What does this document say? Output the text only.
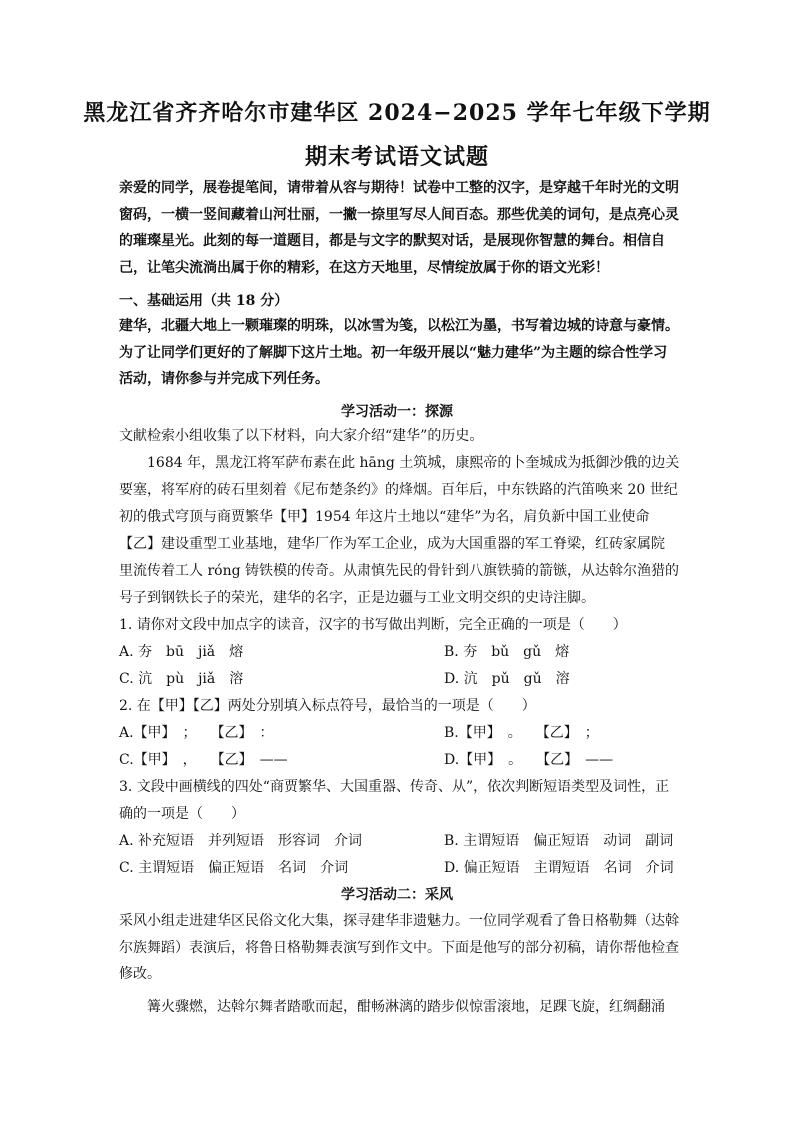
黑龙江省齐齐哈尔市建华区 2024−2025 学年七年级下学期
期末考试语文试题
亲爱的同学，展卷提笔间，请带着从容与期待！试卷中工整的汉字，是穿越千年时光的文明窗码，一横一竖间藏着山河壮丽，一撇一捺里写尽人间百态。那些优美的词句，是点亮心灵的璀璨星光。此刻的每一道题目，都是与文字的默契对话，是展现你智慧的舞台。相信自己，让笔尖流淌出属于你的精彩，在这方天地里，尽情绽放属于你的语文光彩！
一、基础运用（共 18 分）
建华，北疆大地上一颗璀璨的明珠，以冰雪为笺，以松江为墨，书写着边城的诗意与豪情。为了让同学们更好的了解脚下这片土地。初一年级开展以“魅力建华”为主题的综合性学习活动，请你参与并完成下列任务。
学习活动一：探源
文献检索小组收集了以下材料，向大家介绍“建华”的历史。
1684 年，黑龙江将军萨布素在此 hāng 土筑城，康熙帝的卜奎城成为抵御沙俄的边关
要塞，将军府的砖石里刻着《尼布楚条约》的烽烟。百年后，中东铁路的汽笛唤来 20 世纪
初的俄式穹顶与商贾繁华【甲】1954 年这片土地以“建华”为名，肩负新中国工业使命
【乙】建设重型工业基地，建华厂作为军工企业，成为大国重器的军工脊梁，红砖家属院
里流传着工人 róng 铸铁模的传奇。从肃慎先民的骨针到八旗铁骑的箭镞，从达斡尔渔猎的
号子到钢铁长子的荣光，建华的名字，正是边疆与工业文明交织的史诗注脚。
1. 请你对文段中加点字的读音，汉字的书写做出判断，完全正确的一项是（　　）
A. 夯　bū　jiǎ　熔	B. 夯　bǔ　gǔ　熔
C. 沆　pù　jiǎ　溶	D. 沆　pǔ　gǔ　溶
2. 在【甲】【乙】两处分别填入标点符号，最恰当的一项是（　　）
A.【甲】　；　　【乙】　：	B.【甲】　。　　【乙】　；
C.【甲】　，　　【乙】　——	D.【甲】　。　　【乙】　——
3. 文段中画横线的四处“商贾繁华、大国重器、传奇、从”，依次判断短语类型及词性，正
确的一项是（　　）
A. 补充短语　并列短语　形容词　介词	B. 主谓短语　偏正短语　动词　副词
C. 主谓短语　偏正短语　名词　介词	D. 偏正短语　主谓短语　名词　介词
学习活动二：采风
采风小组走进建华区民俗文化大集，探寻建华非遗魅力。一位同学观看了鲁日格勒舞（达斡尔族舞蹈）表演后，将鲁日格勒舞表演写到作文中。下面是他写的部分初稿，请你帮他检查修改。
篝火骤燃，达斡尔舞者踏歌而起，酣畅淋漓的踏步似惊雷滚地，足踝飞旋，红绸翻涌
